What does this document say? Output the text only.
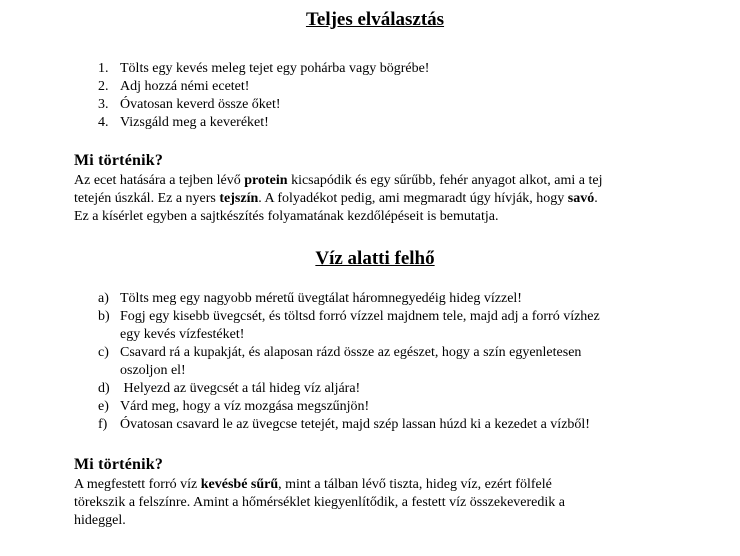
Teljes elválasztás
1. Tölts egy kevés meleg tejet egy pohárba vagy bögrébe!
2. Adj hozzá némi ecetet!
3. Óvatosan keverd össze őket!
4. Vizsgáld meg a keveréket!
Mi történik?

Az ecet hatására a tejben lévő protein kicsapódik és egy sűrűbb, fehér anyagot alkot, ami a tej
tetején úszkál. Ez a nyers tejszín. A folyadékot pedig, ami megmaradt úgy hívják, hogy savó.
Ez a kísérlet egyben a sajtkészítés folyamatának kezdőlépéseit is bemutatja.

Víz alatti felhő
a) Tölts meg egy nagyobb méretű üvegtálat háromnegyedéig hideg vízzel!
b) Fogj egy kisebb üvegcsét, és töltsd forró vízzel majdnem tele, majd adj a forró vízhez
egy kevés vízfestéket!
c) Csavard rá a kupakját, és alaposan rázd össze az egészet, hogy a szín egyenletesen
oszoljon el!
d) Helyezd az üvegcsét a tál hideg víz aljára!
e) Várd meg, hogy a víz mozgása megszűnjön!
f) Óvatosan csavard le az üvegcse tetejét, majd szép lassan húzd ki a kezedet a vízből!
Mi történik?

A megfestett forró víz kevésbé sűrű, mint a tálban lévő tiszta, hideg víz, ezért fölfelé
törekszik a felszínre. Amint a hőmérséklet kiegyenlítődik, a festett víz összekeveredik a
hideggel.
